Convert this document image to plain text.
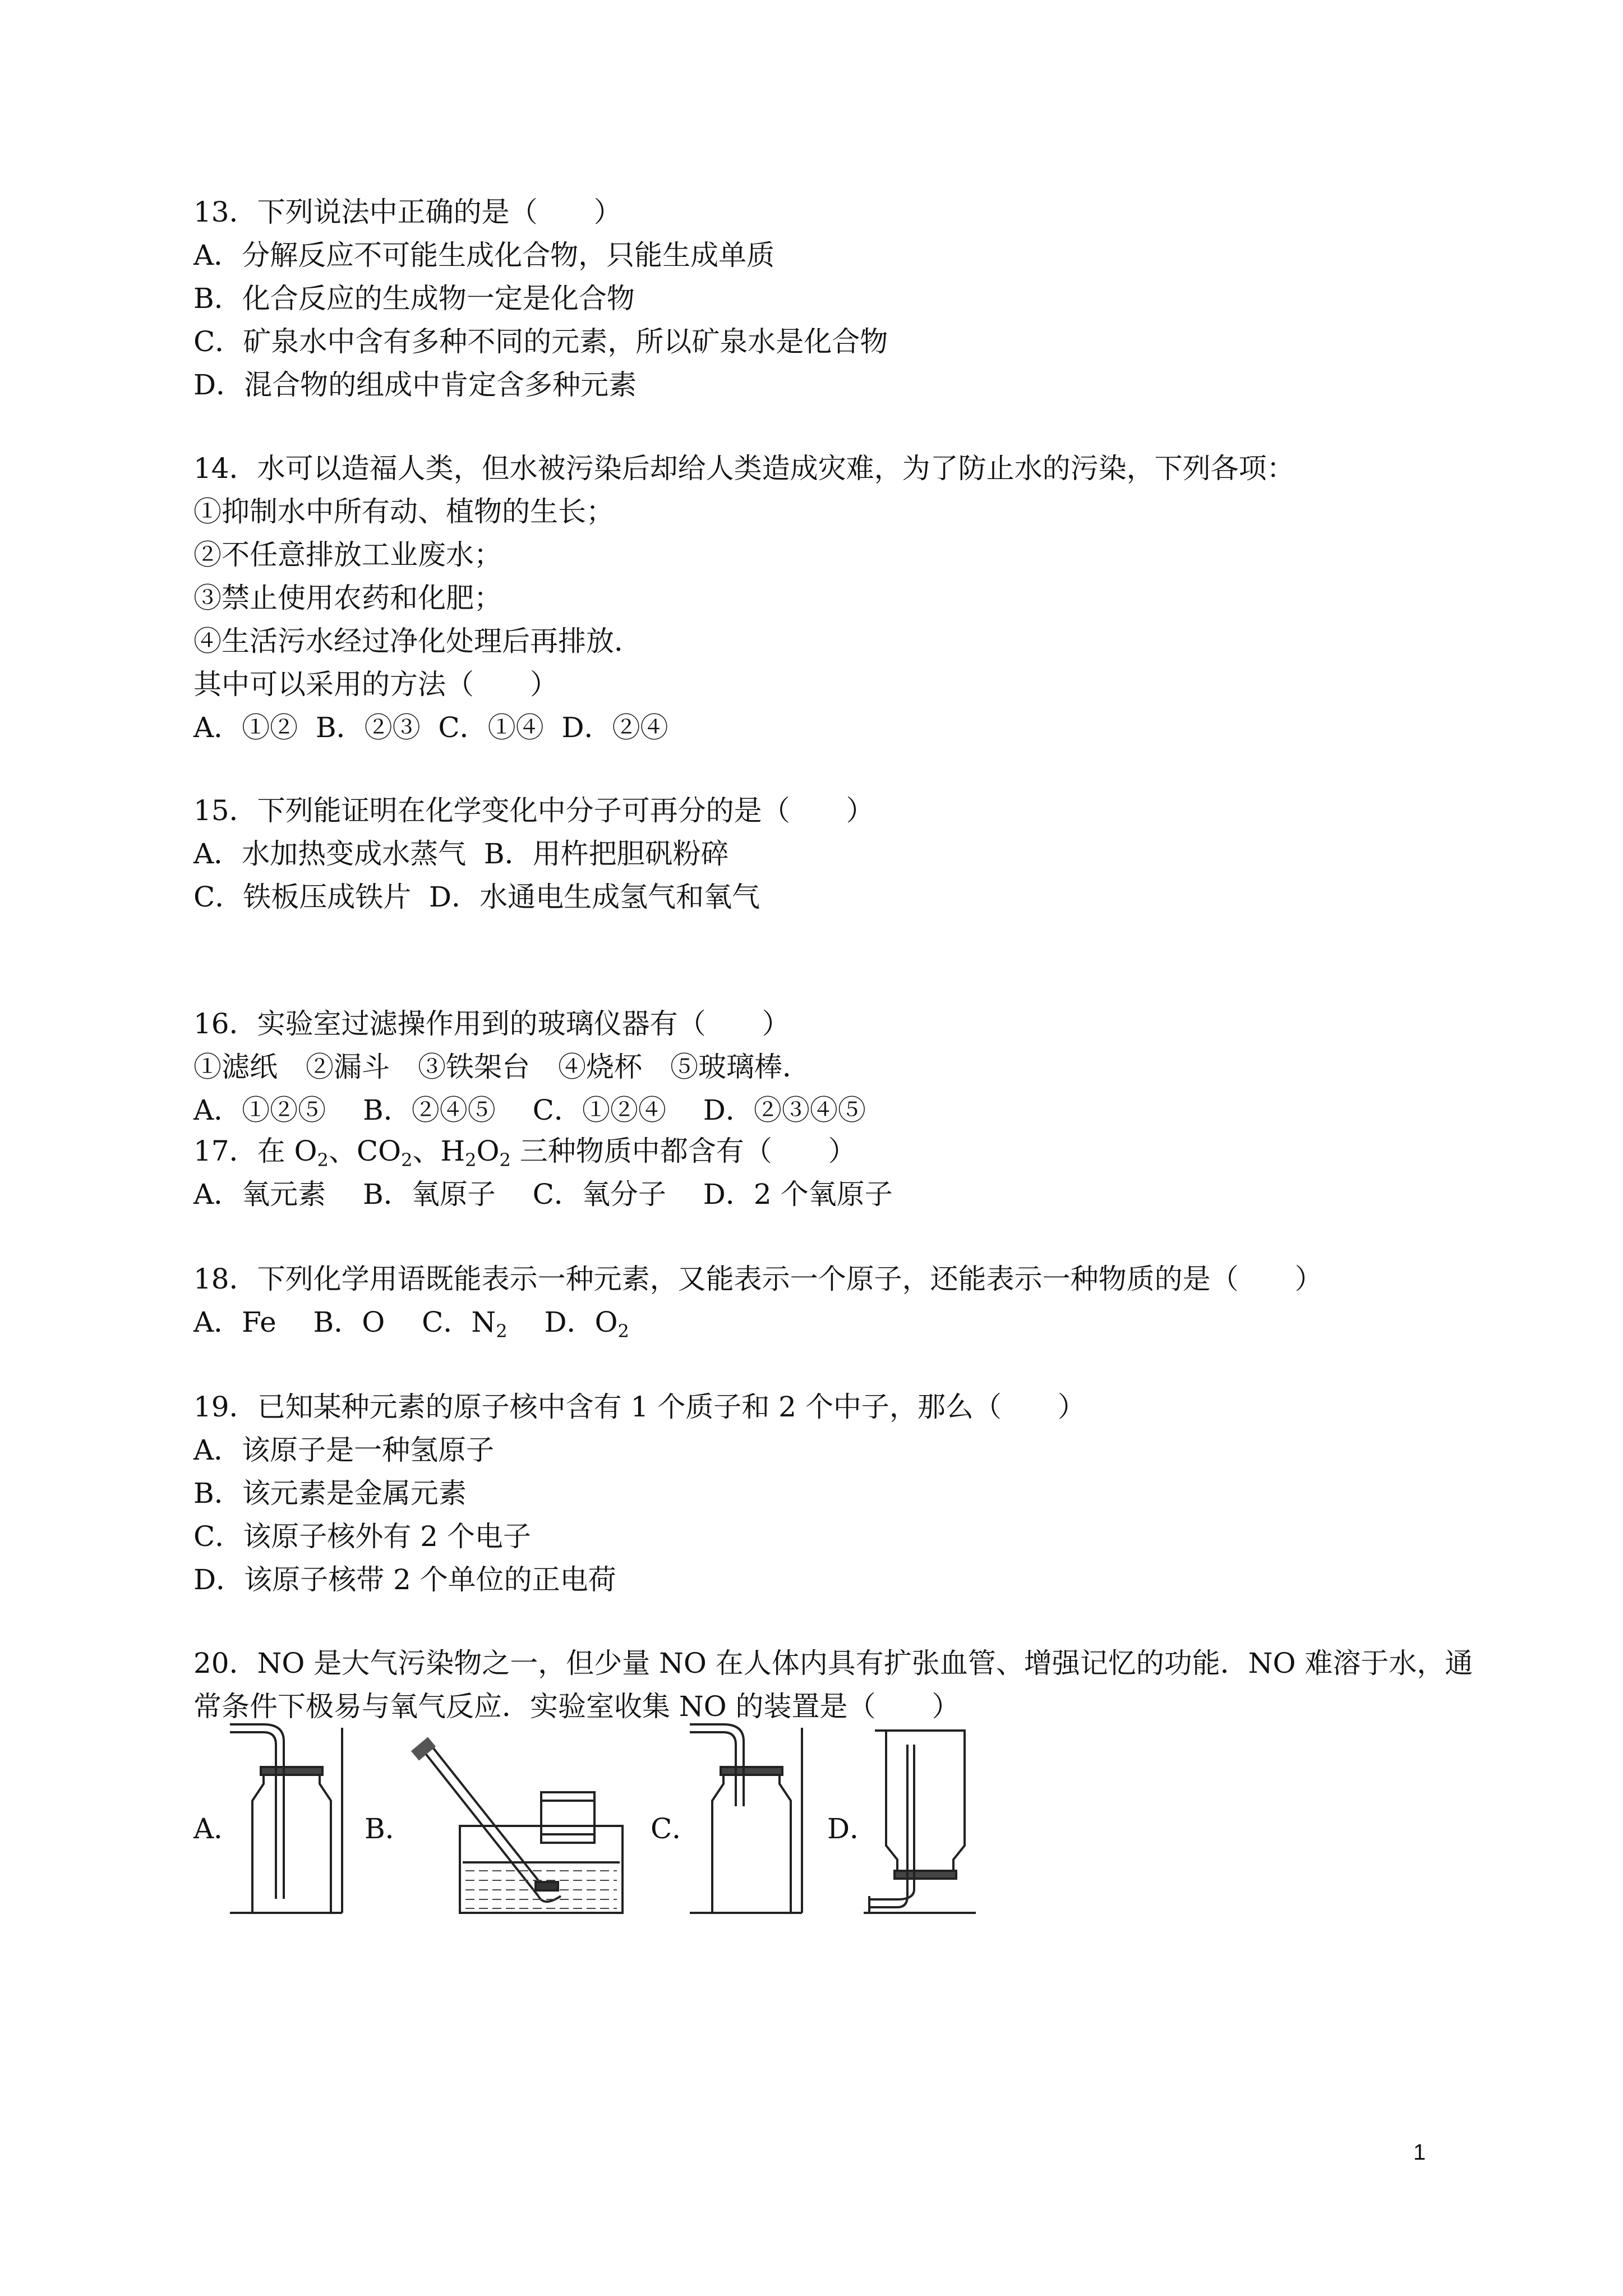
13．下列说法中正确的是（　　）
A．分解反应不可能生成化合物，只能生成单质
B．化合反应的生成物一定是化合物
C．矿泉水中含有多种不同的元素，所以矿泉水是化合物
D．混合物的组成中肯定含多种元素
14．水可以造福人类，但水被污染后却给人类造成灾难，为了防止水的污染，下列各项：
①抑制水中所有动、植物的生长；
②不任意排放工业废水；
③禁止使用农药和化肥；
④生活污水经过净化处理后再排放．
其中可以采用的方法（　　）
A．①②  B．②③  C．①④  D．②④
15．下列能证明在化学变化中分子可再分的是（　　）
A．水加热变成水蒸气  B．用杵把胆矾粉碎
C．铁板压成铁片  D．水通电生成氢气和氧气
16．实验室过滤操作用到的玻璃仪器有（　　）
①滤纸　②漏斗　③铁架台　④烧杯　⑤玻璃棒．
A．①②⑤　 B．②④⑤　 C．①②④　 D．②③④⑤
17．在 $O_2$、$CO_2$、$H_2O_2$ 三种物质中都含有（　　）
A．氧元素　 B．氧原子　 C．氧分子　 D．2 个氧原子
18．下列化学用语既能表示一种元素，又能表示一个原子，还能表示一种物质的是（　　）
A．Fe　 B．O　 C．$N_2$　 D．$O_2$
19．已知某种元素的原子核中含有 1 个质子和 2 个中子，那么（　　）
A．该原子是一种氢原子
B．该元素是金属元素
C．该原子核外有 2 个电子
D．该原子核带 2 个单位的正电荷
20．NO 是大气污染物之一，但少量 NO 在人体内具有扩张血管、增强记忆的功能．NO 难溶于水，通
常条件下极易与氧气反应．实验室收集 NO 的装置是（　　）
A．	B．	C．	D．
1
